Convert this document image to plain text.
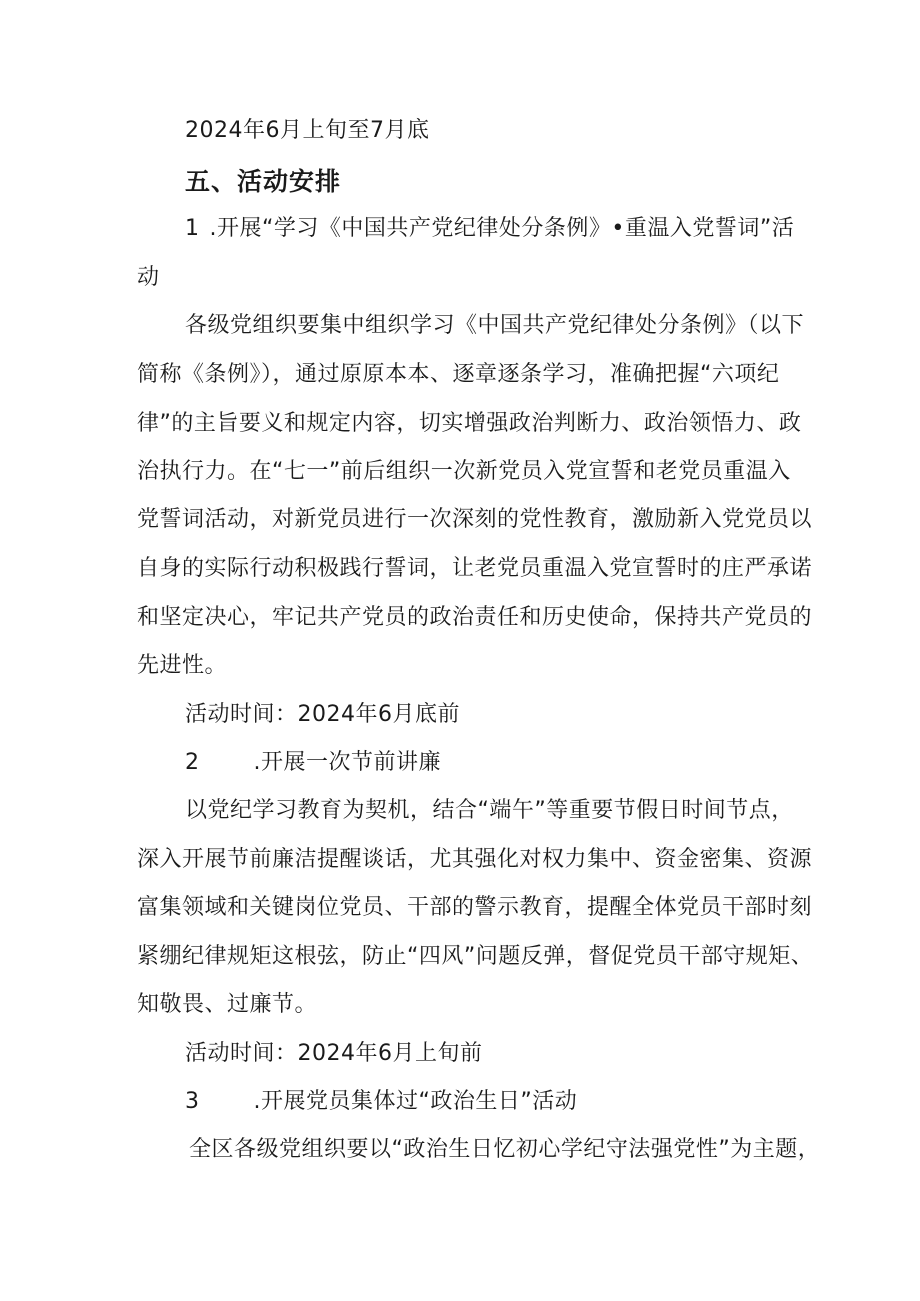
2024年6月上旬至7月底
五、活动安排
1 .开展“学习《中国共产党纪律处分条例》•重温入党誓词”活
动
各级党组织要集中组织学习《中国共产党纪律处分条例》（以下
简称《条例》），通过原原本本、逐章逐条学习，准确把握“六项纪
律”的主旨要义和规定内容，切实增强政治判断力、政治领悟力、政
治执行力。在“七一”前后组织一次新党员入党宣誓和老党员重温入
党誓词活动，对新党员进行一次深刻的党性教育，激励新入党党员以
自身的实际行动积极践行誓词，让老党员重温入党宣誓时的庄严承诺
和坚定决心，牢记共产党员的政治责任和历史使命，保持共产党员的
先进性。
活动时间：2024年6月底前
2 .开展一次节前讲廉
以党纪学习教育为契机，结合“端午”等重要节假日时间节点，
深入开展节前廉洁提醒谈话，尤其强化对权力集中、资金密集、资源
富集领域和关键岗位党员、干部的警示教育，提醒全体党员干部时刻
紧绷纪律规矩这根弦，防止“四风”问题反弹，督促党员干部守规矩、
知敬畏、过廉节。
活动时间：2024年6月上旬前
3 .开展党员集体过“政治生日”活动
全区各级党组织要以“政治生日忆初心学纪守法强党性”为主题，
